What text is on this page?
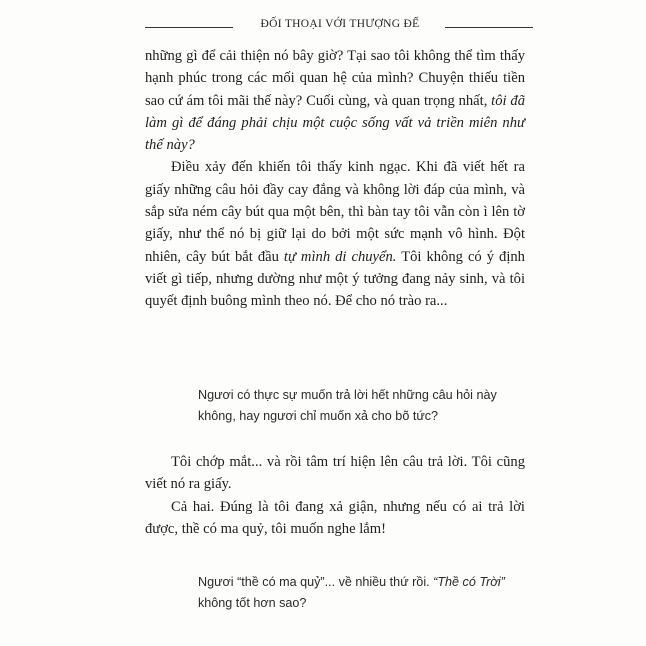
ĐỐI THOẠI VỚI THƯỢNG ĐẾ

những gì để cải thiện nó bây giờ? Tại sao tôi không thể tìm thấy hạnh phúc trong các mối quan hệ của mình? Chuyện thiếu tiền sao cứ ám tôi mãi thế này? Cuối cùng, và quan trọng nhất, tôi đã làm gì để đáng phải chịu một cuộc sống vất vả triền miên như thế này?

Điều xảy đến khiến tôi thấy kinh ngạc. Khi đã viết hết ra giấy những câu hỏi đầy cay đắng và không lời đáp của mình, và sắp sửa ném cây bút qua một bên, thì bàn tay tôi vẫn còn ì lên tờ giấy, như thể nó bị giữ lại do bởi một sức mạnh vô hình. Đột nhiên, cây bút bắt đầu tự mình di chuyển. Tôi không có ý định viết gì tiếp, nhưng dường như một ý tưởng đang nảy sinh, và tôi quyết định buông mình theo nó. Để cho nó trào ra...

Ngươi có thực sự muốn trả lời hết những câu hỏi này

không, hay ngươi chỉ muốn xả cho bõ tức?

Tôi chớp mắt... và rồi tâm trí hiện lên câu trả lời. Tôi cũng viết nó ra giấy.

Cả hai. Đúng là tôi đang xả giận, nhưng nếu có ai trả lời được, thề có ma quỷ, tôi muốn nghe lắm!

Ngươi “thề có ma quỷ”... về nhiều thứ rồi. “Thề có Trời”

không tốt hơn sao?
